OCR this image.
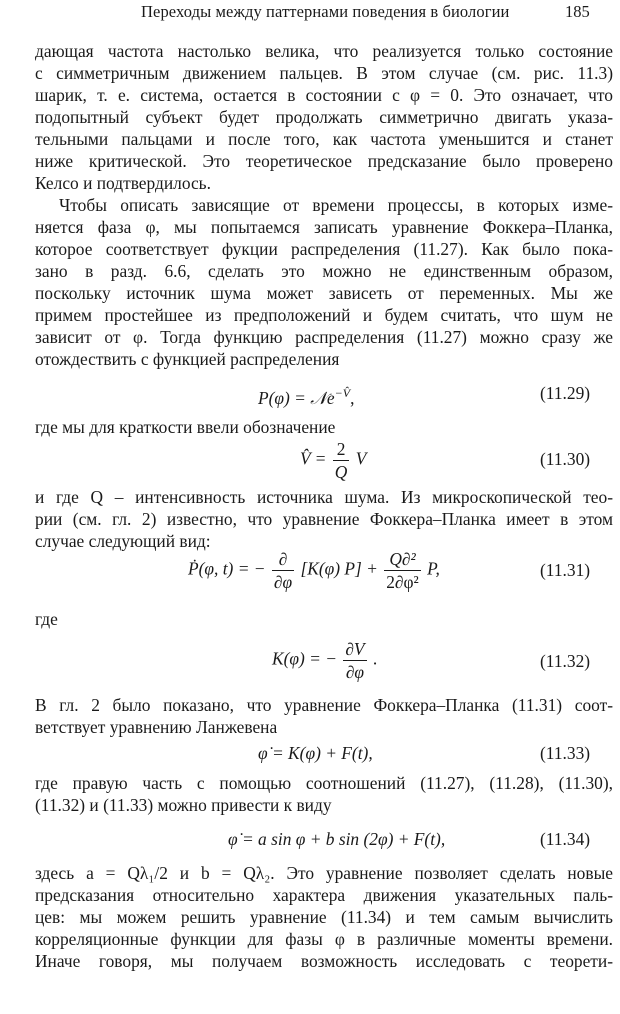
Переходы между паттернами поведения в биологии	185
дающая частота настолько велика, что реализуется только состояние
с симметричным движением пальцев. В этом случае (см. рис. 11.3)
шарик, т. е. система, остается в состоянии с φ = 0. Это означает, что
подопытный субъект будет продолжать симметрично двигать указа-
тельными пальцами и после того, как частота уменьшится и станет
ниже критической. Это теоретическое предсказание было проверено
Келсо и подтвердилось.
Чтобы описать зависящие от времени процессы, в которых изме-
няется фаза φ, мы попытаемся записать уравнение Фоккера–Планка,
которое соответствует фукции распределения (11.27). Как было пока-
зано в разд. 6.6, сделать это можно не единственным образом,
поскольку источник шума может зависеть от переменных. Мы же
примем простейшее из предположений и будем считать, что шум не
зависит от φ. Тогда функцию распределения (11.27) можно сразу же
отождествить с функцией распределения
P(φ) = 𝒩e$^{-V̂}$,	(11.29)
где мы для краткости ввели обозначение
V̂ = $\frac{2}{Q}$ V	(11.30)
и где Q – интенсивность источника шума. Из микроскопической тео-
рии (см. гл. 2) известно, что уравнение Фоккера–Планка имеет в этом
случае следующий вид:
Ṗ(φ, t) = − $\frac{\partial}{\partial\varphi} [K(\varphi) P] + \frac{\text{Q∂²}}{\text{2∂φ²}} P$,	(11.31)
где
K(φ) = − $\frac{\partial V}{\partial\varphi}$ .	(11.32)
В гл. 2 было показано, что уравнение Фоккера–Планка (11.31) соот-
ветствует уравнению Ланжевена
φ̇ = K(φ) + F(t),	(11.33)
где правую часть с помощью соотношений (11.27), (11.28), (11.30),
(11.32) и (11.33) можно привести к виду
φ̇ = a sin φ + b sin (2φ) + F(t),	(11.34)
здесь a = Qλ₁/2 и b = Qλ₂. Это уравнение позволяет сделать новые
предсказания относительно характера движения указательных паль-
цев: мы можем решить уравнение (11.34) и тем самым вычислить
корреляционные функции для фазы φ в различные моменты времени.
Иначе говоря, мы получаем возможность исследовать с теорети-
